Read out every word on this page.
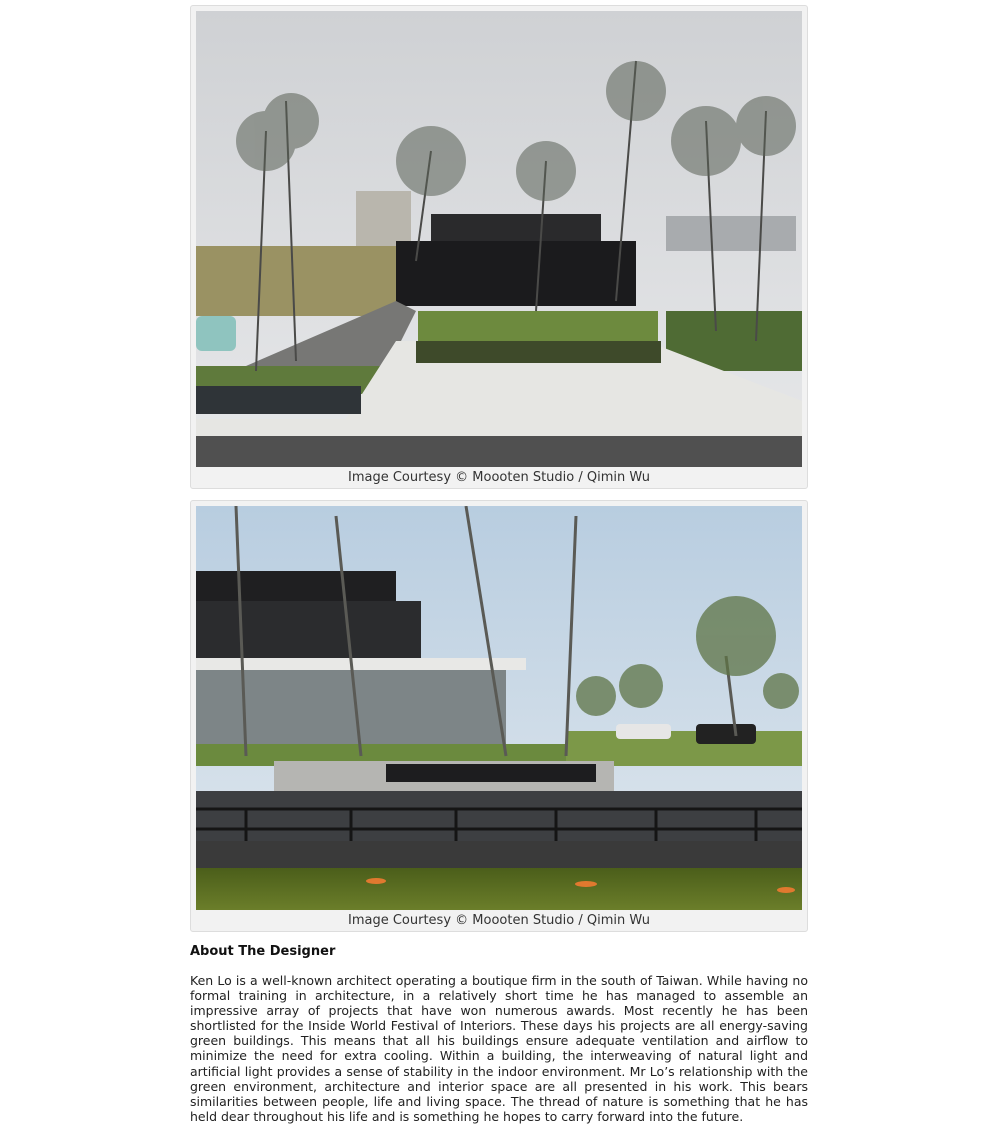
Image Courtesy © Moooten Studio / Qimin Wu
Image Courtesy © Moooten Studio / Qimin Wu
About The Designer

Ken Lo is a well-known architect operating a boutique firm in the south of Taiwan. While having no formal training in architecture, in a relatively short time he has managed to assemble an impressive array of projects that have won numerous awards. Most recently he has been shortlisted for the Inside World Festival of Interiors. These days his projects are all energy-saving green buildings. This means that all his buildings ensure adequate ventilation and airflow to minimize the need for extra cooling. Within a building, the interweaving of natural light and artificial light provides a sense of stability in the indoor environment. Mr Lo’s relationship with the green environment, architecture and interior space are all presented in his work. This bears similarities between people, life and living space. The thread of nature is something that he has held dear throughout his life and is something he hopes to carry forward into the future.
